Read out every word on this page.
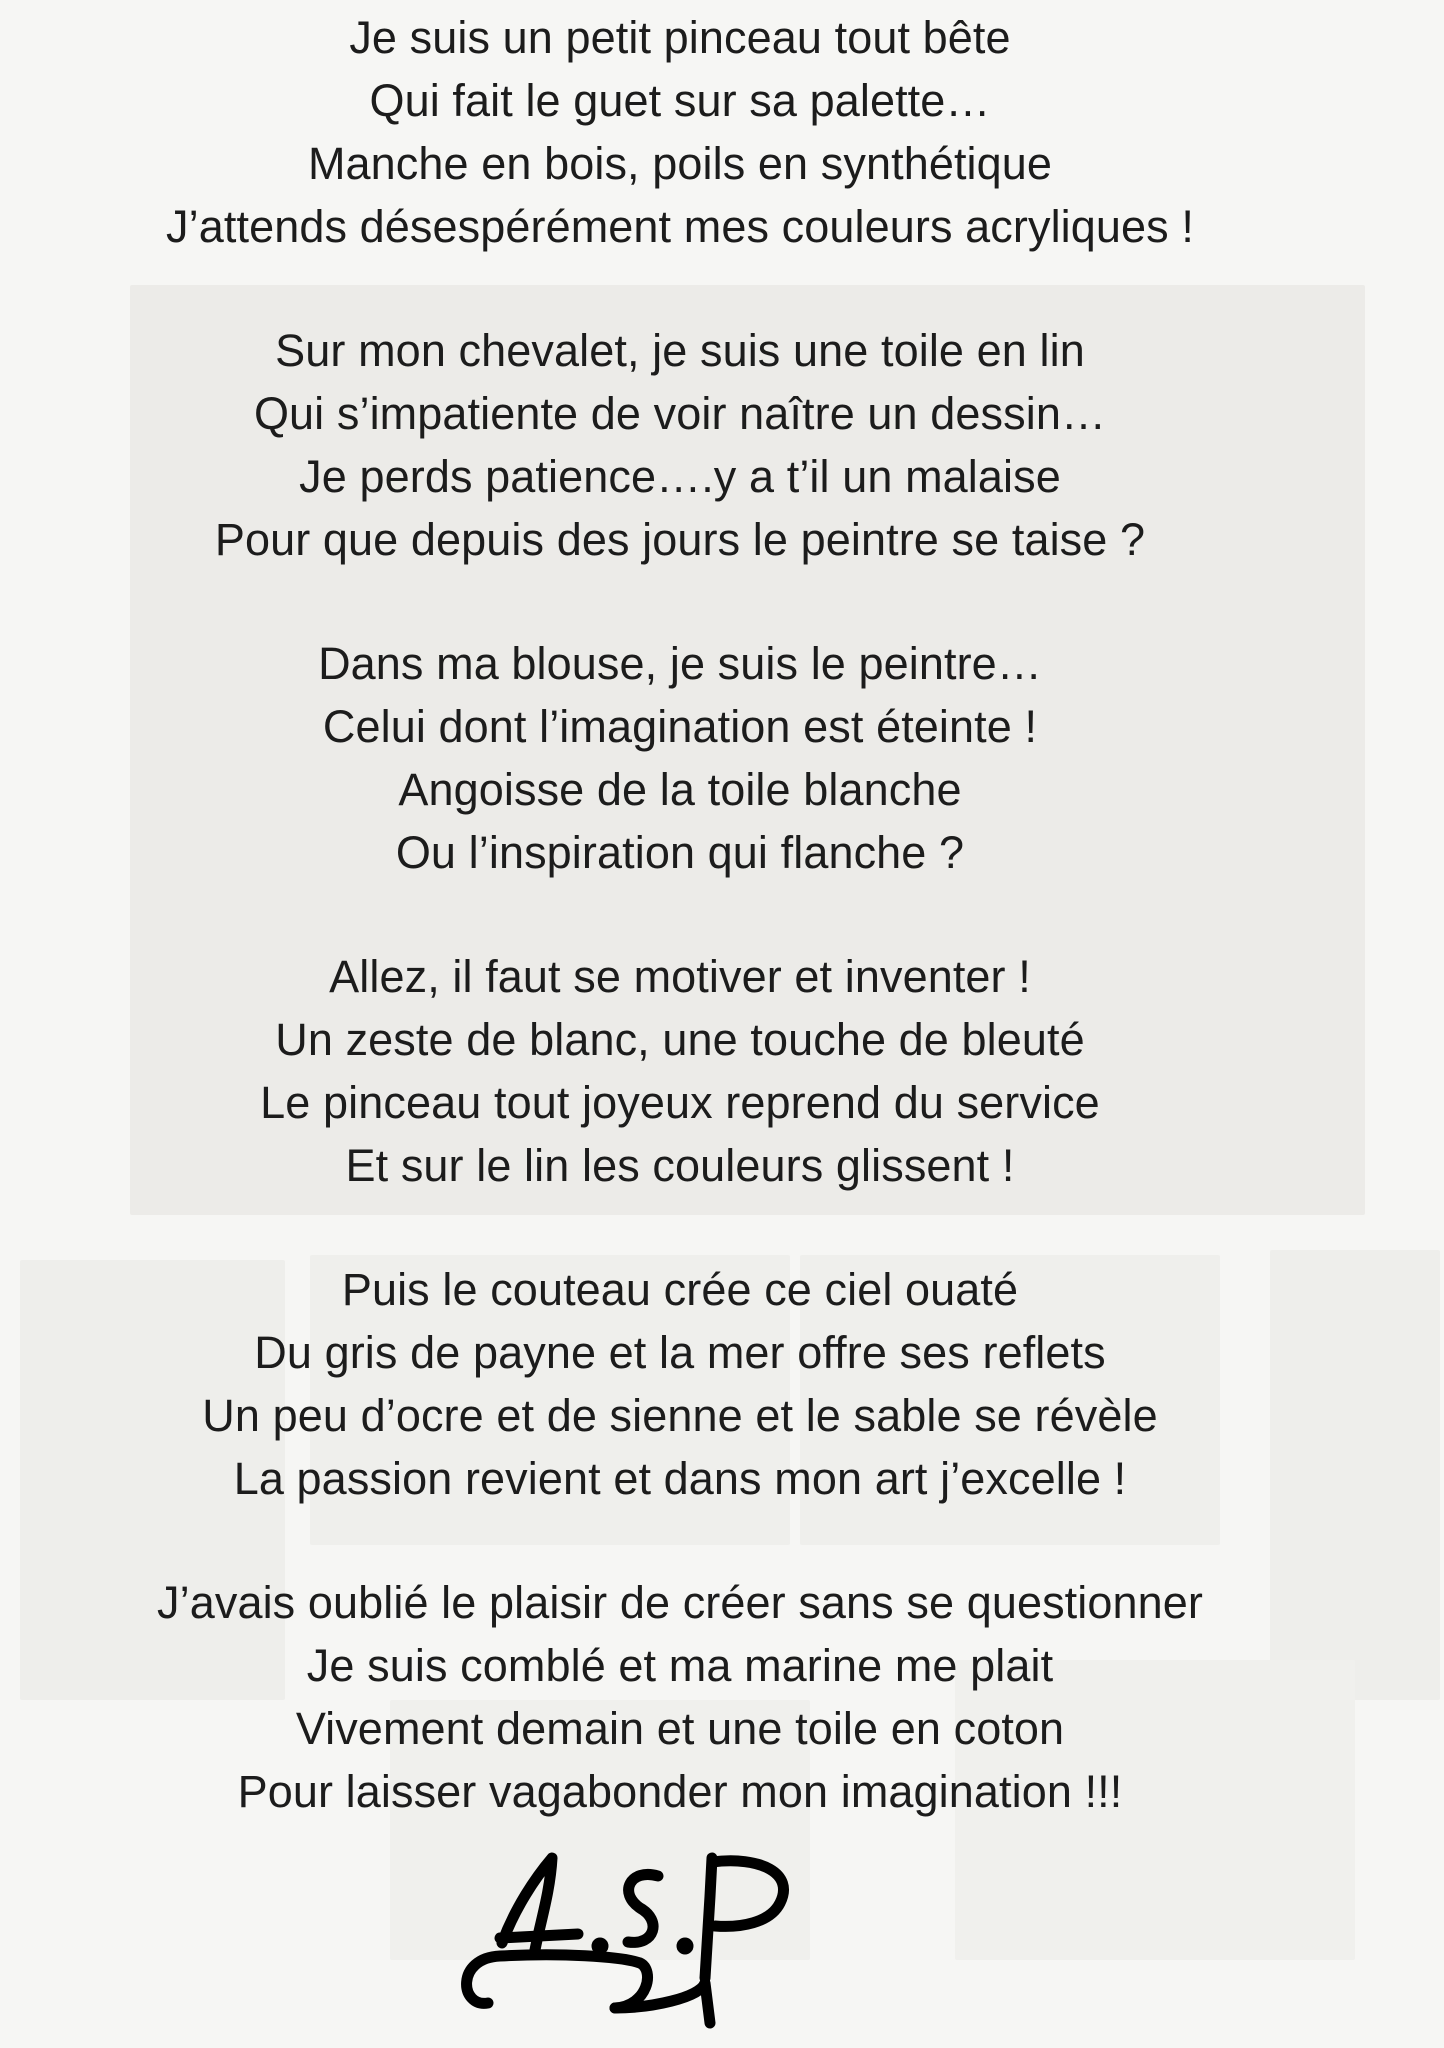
Je suis un petit pinceau tout bête
Qui fait le guet sur sa palette…
Manche en bois, poils en synthétique
J’attends désespérément mes couleurs acryliques !
Sur mon chevalet, je suis une toile en lin
Qui s’impatiente de voir naître un dessin…
Je perds patience….y a t’il un malaise
Pour que depuis des jours le peintre se taise ?
Dans ma blouse, je suis le peintre…
Celui dont l’imagination est éteinte !
Angoisse de la toile blanche
Ou l’inspiration qui flanche ?
Allez, il faut se motiver et inventer !
Un zeste de blanc, une touche de bleuté
Le pinceau tout joyeux reprend du service
Et sur le lin les couleurs glissent !
Puis le couteau crée ce ciel ouaté
Du gris de payne et la mer offre ses reflets
Un peu d’ocre et de sienne et le sable se révèle
La passion revient et dans mon art j’excelle !
J’avais oublié le plaisir de créer sans se questionner
Je suis comblé et ma marine me plait
Vivement demain et une toile en coton
Pour laisser vagabonder mon imagination !!!
